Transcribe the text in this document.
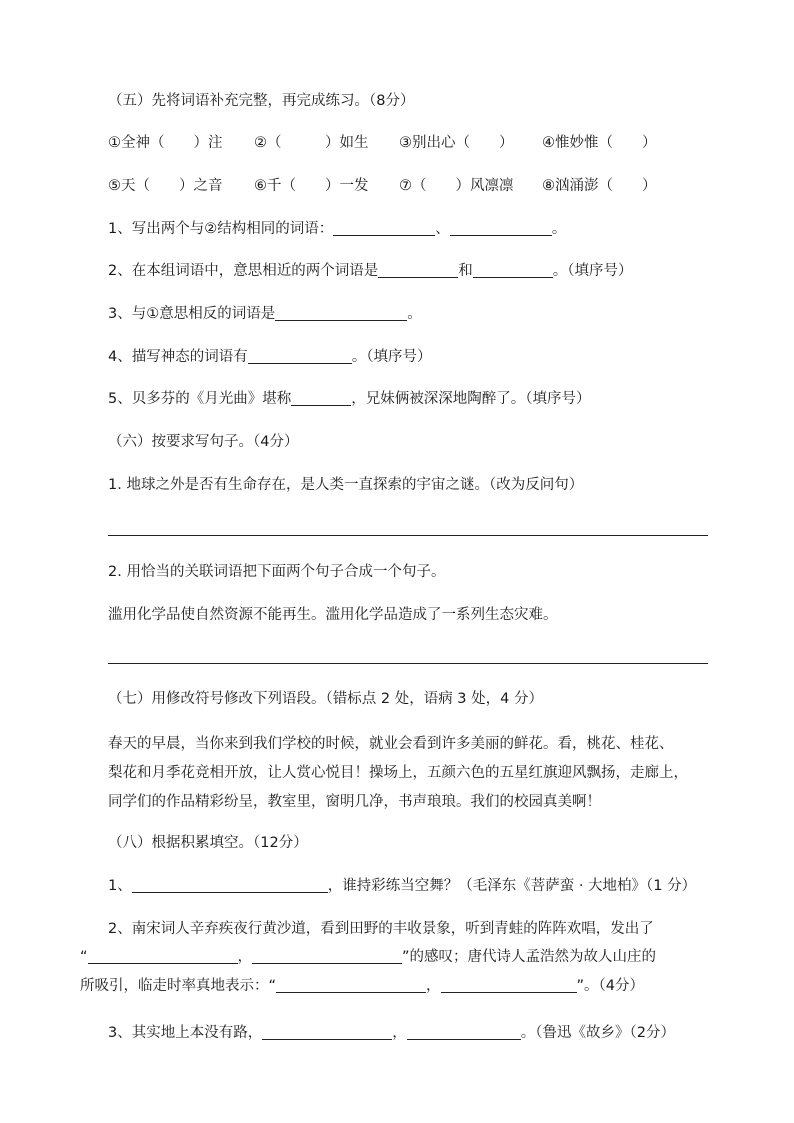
（五）先将词语补充完整，再完成练习。（8分）
①全神（　　）注 ②（　　　）如生 ③别出心（　　） ④惟妙惟（　　）
⑤天（　　）之音 ⑥千（　　）一发 ⑦（　　）风凛凛 ⑧汹涌澎（　　）
1、写出两个与②结构相同的词语：	、	。
2、在本组词语中，意思相近的两个词语是	和	。（填序号）
3、与①意思相反的词语是	。
4、描写神态的词语有	。（填序号）
5、贝多芬的《月光曲》堪称	，兄妹俩被深深地陶醉了。（填序号）
（六）按要求写句子。（4分）
1. 地球之外是否有生命存在，是人类一直探索的宇宙之谜。（改为反问句）
2. 用恰当的关联词语把下面两个句子合成一个句子。
滥用化学品使自然资源不能再生。滥用化学品造成了一系列生态灾难。
（七）用修改符号修改下列语段。（错标点 2 处，语病 3 处，4 分）
春天的早晨，当你来到我们学校的时候，就业会看到许多美丽的鲜花。看，桃花、桂花、
梨花和月季花竞相开放，让人赏心悦目！操场上，五颜六色的五星红旗迎风飘扬，走廊上，
同学们的作品精彩纷呈，教室里，窗明几净，书声琅琅。我们的校园真美啊！
（八）根据积累填空。（12分）
1、	，谁持彩练当空舞？（毛泽东《菩萨蛮 · 大地柏》（1 分）
2、南宋词人辛弃疾夜行黄沙道，看到田野的丰收景象，听到青蛙的阵阵欢唱，发出了
“	，	”的感叹；唐代诗人孟浩然为故人山庄的
所吸引，临走时率真地表示：“	，	”。（4分）
3、其实地上本没有路，	，	。（鲁迅《故乡》（2分）
